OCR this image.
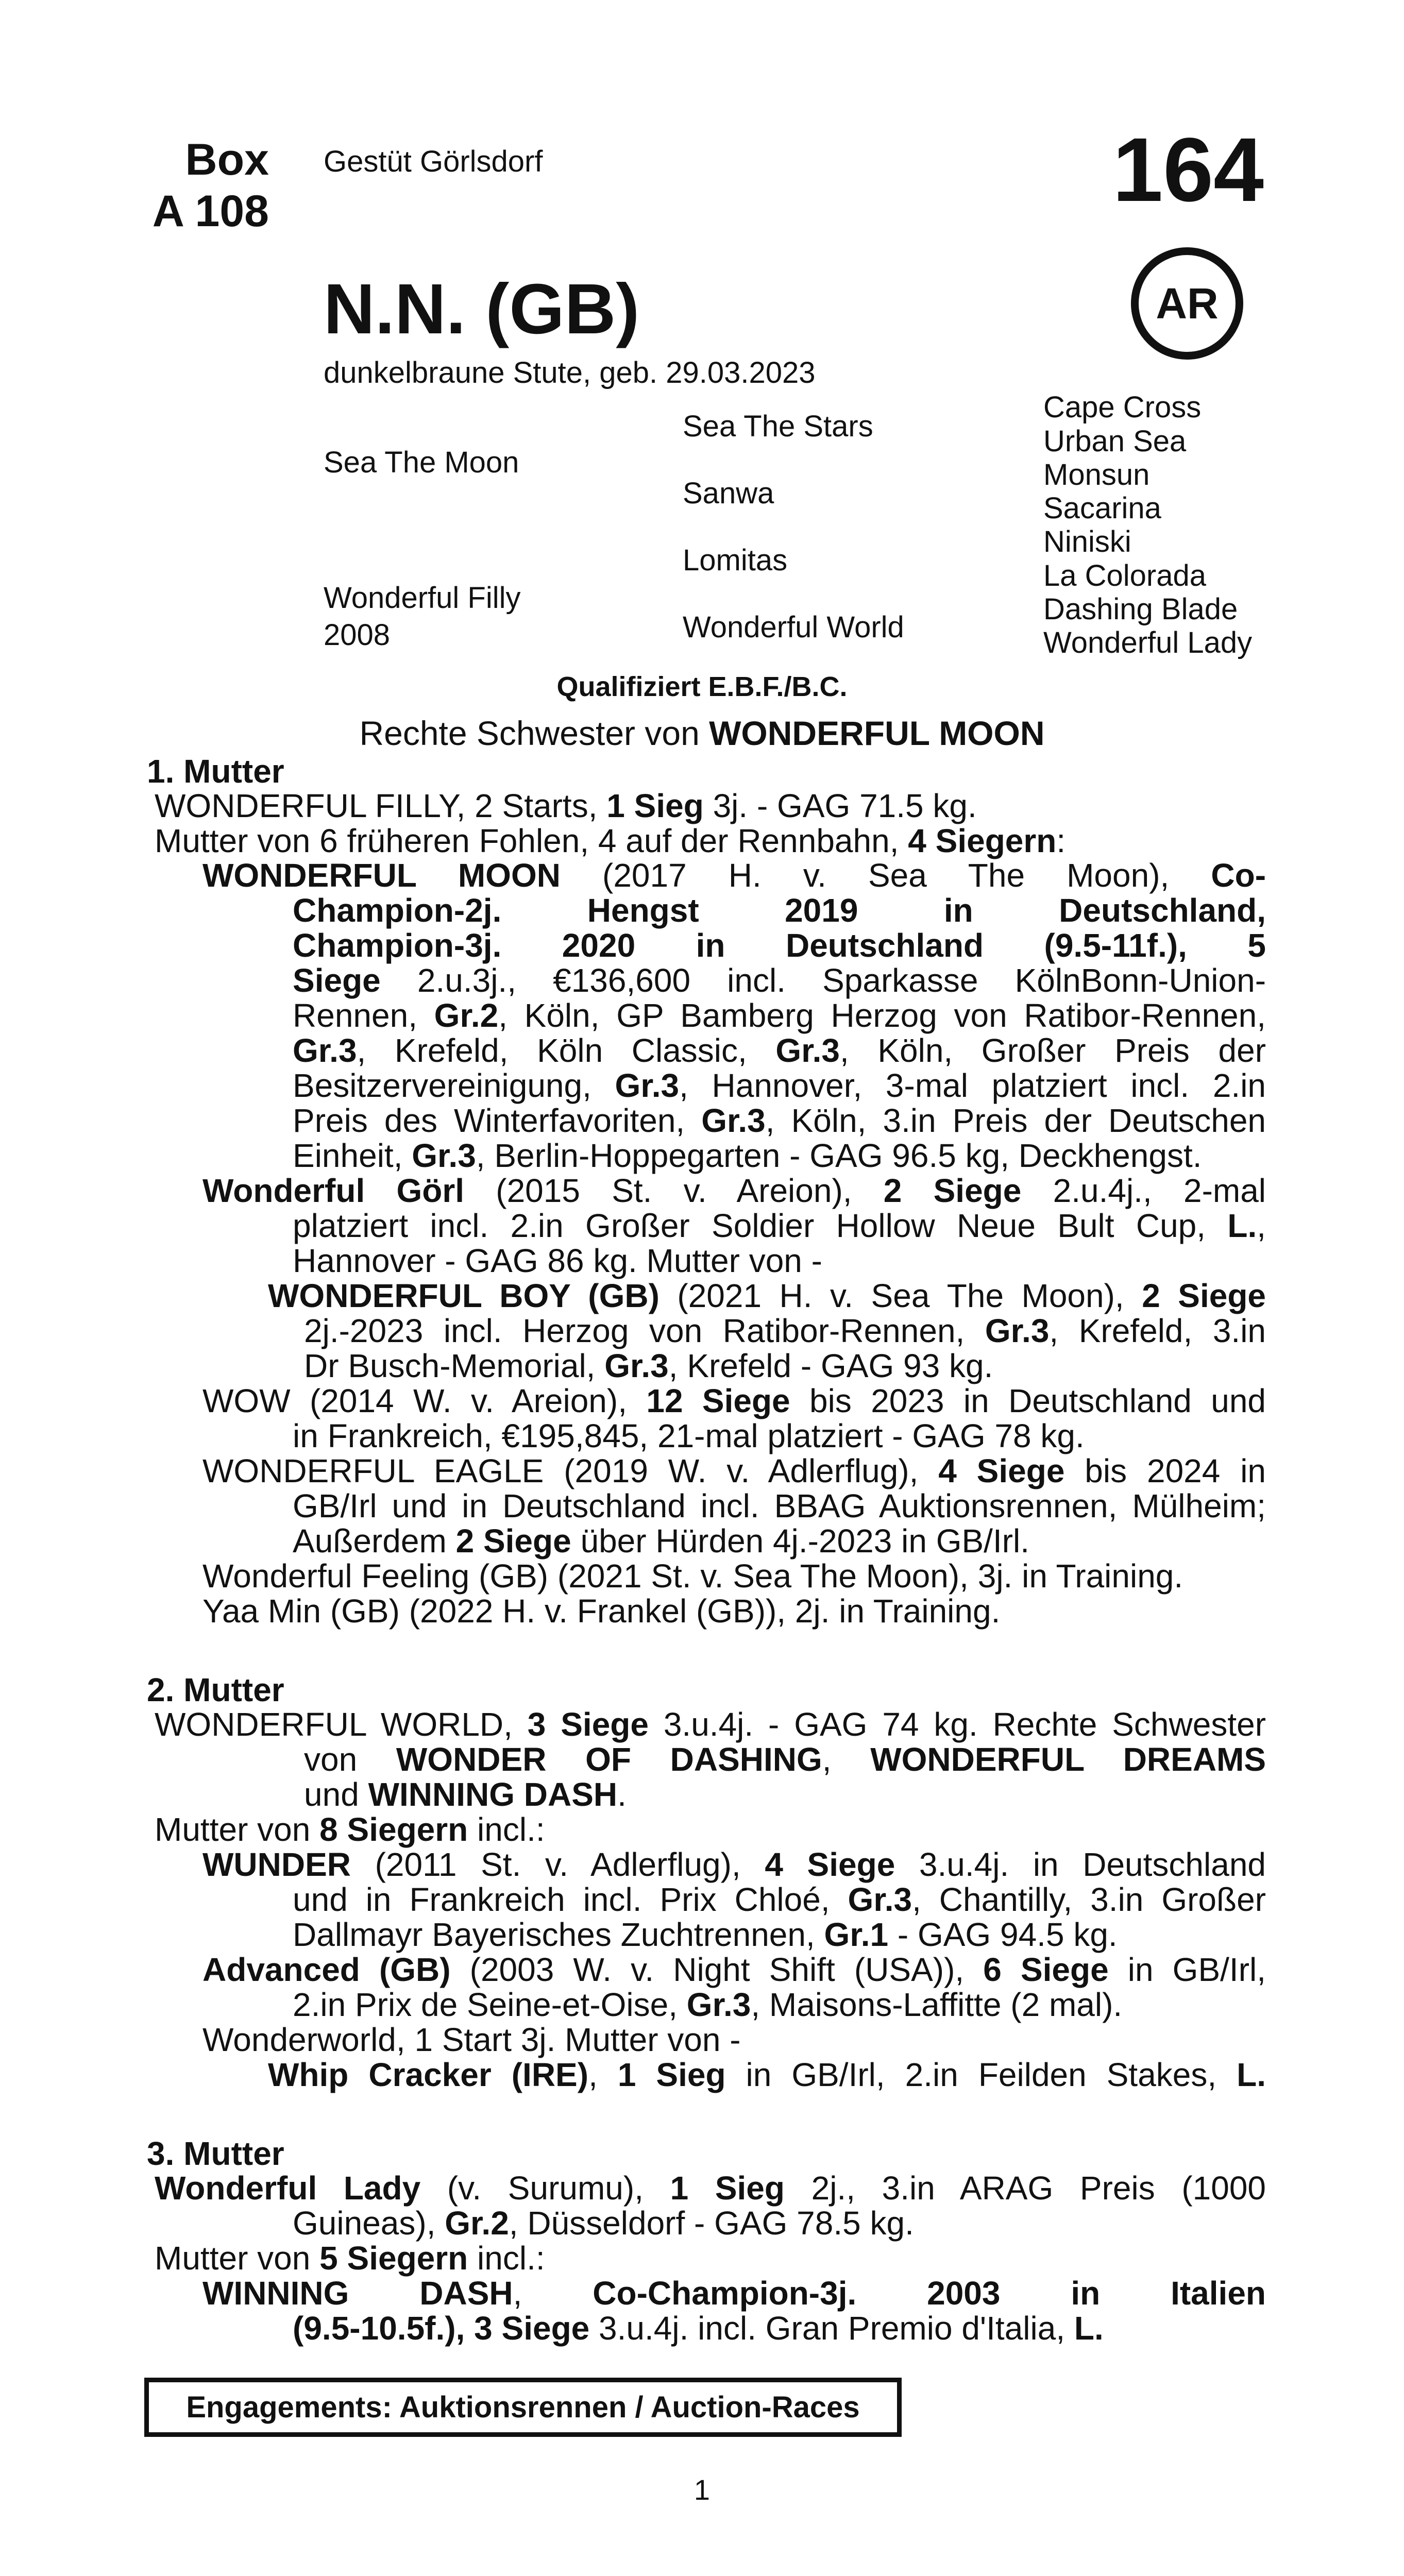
Box
A 108
Gestüt Görlsdorf	164
AR
N.N. (GB)
dunkelbraune Stute, geb. 29.03.2023
Sea The Moon
Wonderful Filly
2008
Sea The Stars
Sanwa
Lomitas
Wonderful World
Cape Cross
Urban Sea
Monsun
Sacarina
Niniski
La Colorada
Dashing Blade
Wonderful Lady
Qualifiziert E.B.F./B.C.
Rechte Schwester von WONDERFUL MOON
1. Mutter
WONDERFUL FILLY, 2 Starts, 1 Sieg 3j. - GAG 71.5 kg.
Mutter von 6 früheren Fohlen, 4 auf der Rennbahn, 4 Siegern:
WONDERFUL MOON (2017 H. v. Sea The Moon), Co-
Champion-2j. Hengst 2019 in Deutschland,
Champion-3j. 2020 in Deutschland (9.5-11f.), 5
Siege 2.u.3j., €136,600 incl. Sparkasse KölnBonn-Union-
Rennen, Gr.2, Köln, GP Bamberg Herzog von Ratibor-Rennen,
Gr.3, Krefeld, Köln Classic, Gr.3, Köln, Großer Preis der
Besitzervereinigung, Gr.3, Hannover, 3-mal platziert incl. 2.in
Preis des Winterfavoriten, Gr.3, Köln, 3.in Preis der Deutschen
Einheit, Gr.3, Berlin-Hoppegarten - GAG 96.5 kg, Deckhengst.
Wonderful Görl (2015 St. v. Areion), 2 Siege 2.u.4j., 2-mal
platziert incl. 2.in Großer Soldier Hollow Neue Bult Cup, L.,
Hannover - GAG 86 kg. Mutter von -
WONDERFUL BOY (GB) (2021 H. v. Sea The Moon), 2 Siege
2j.-2023 incl. Herzog von Ratibor-Rennen, Gr.3, Krefeld, 3.in
Dr Busch-Memorial, Gr.3, Krefeld - GAG 93 kg.
WOW (2014 W. v. Areion), 12 Siege bis 2023 in Deutschland und
in Frankreich, €195,845, 21-mal platziert - GAG 78 kg.
WONDERFUL EAGLE (2019 W. v. Adlerflug), 4 Siege bis 2024 in
GB/Irl und in Deutschland incl. BBAG Auktionsrennen, Mülheim;
Außerdem 2 Siege über Hürden 4j.-2023 in GB/Irl.
Wonderful Feeling (GB) (2021 St. v. Sea The Moon), 3j. in Training.
Yaa Min (GB) (2022 H. v. Frankel (GB)), 2j. in Training.
2. Mutter
WONDERFUL WORLD, 3 Siege 3.u.4j. - GAG 74 kg. Rechte Schwester
von WONDER OF DASHING, WONDERFUL DREAMS
und WINNING DASH.
Mutter von 8 Siegern incl.:
WUNDER (2011 St. v. Adlerflug), 4 Siege 3.u.4j. in Deutschland
und in Frankreich incl. Prix Chloé, Gr.3, Chantilly, 3.in Großer
Dallmayr Bayerisches Zuchtrennen, Gr.1 - GAG 94.5 kg.
Advanced (GB) (2003 W. v. Night Shift (USA)), 6 Siege in GB/Irl,
2.in Prix de Seine-et-Oise, Gr.3, Maisons-Laffitte (2 mal).
Wonderworld, 1 Start 3j. Mutter von -
Whip Cracker (IRE), 1 Sieg in GB/Irl, 2.in Feilden Stakes, L.
3. Mutter
Wonderful Lady (v. Surumu), 1 Sieg 2j., 3.in ARAG Preis (1000
Guineas), Gr.2, Düsseldorf - GAG 78.5 kg.
Mutter von 5 Siegern incl.:
WINNING DASH, Co-Champion-3j. 2003 in Italien
(9.5-10.5f.), 3 Siege 3.u.4j. incl. Gran Premio d'Italia, L.
Engagements: Auktionsrennen / Auction-Races
1
